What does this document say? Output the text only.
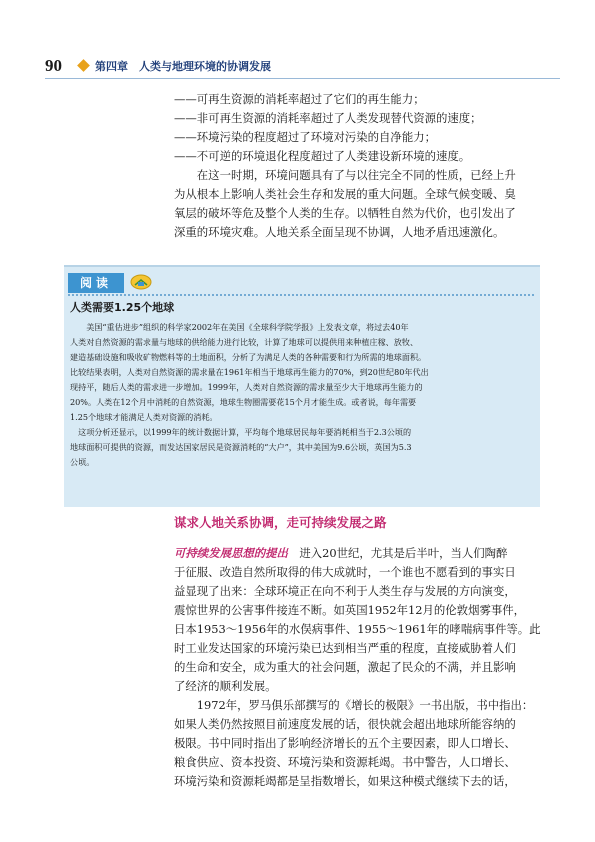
90	第四章　人类与地理环境的协调发展
——可再生资源的消耗率超过了它们的再生能力；
——非可再生资源的消耗率超过了人类发现替代资源的速度；
——环境污染的程度超过了环境对污染的自净能力；
——不可逆的环境退化程度超过了人类建设新环境的速度。
　　在这一时期，环境问题具有了与以往完全不同的性质，已经上升
为从根本上影响人类社会生存和发展的重大问题。全球气候变暖、臭
氧层的破坏等危及整个人类的生存。以牺牲自然为代价，也引发出了
深重的环境灾难。人地关系全面呈现不协调，人地矛盾迅速激化。
阅读
人类需要1.25个地球
　　美国“重估进步”组织的科学家2002年在美国《全球科学院学报》上发表文章，将过去40年
人类对自然资源的需求量与地球的供给能力进行比较，计算了地球可以提供用来种植庄稼、放牧、
建造基础设施和吸收矿物燃料等的土地面积，分析了为满足人类的各种需要和行为所需的地球面积。
比较结果表明，人类对自然资源的需求量在1961年相当于地球再生能力的70%，到20世纪80年代出
现持平，随后人类的需求进一步增加。1999年，人类对自然资源的需求量至少大于地球再生能力的
20%。人类在12个月中消耗的自然资源，地球生物圈需要花15个月才能生成。或者说，每年需要
1.25个地球才能满足人类对资源的消耗。
　这项分析还显示，以1999年的统计数据计算，平均每个地球居民每年要消耗相当于2.3公顷的
地球面积可提供的资源，而发达国家居民是资源消耗的“大户”，其中美国为9.6公顷，英国为5.3
公顷。
谋求人地关系协调，走可持续发展之路
可持续发展思想的提出　进入20世纪，尤其是后半叶，当人们陶醉
于征服、改造自然所取得的伟大成就时，一个谁也不愿看到的事实日
益显现了出来：全球环境正在向不利于人类生存与发展的方向演变，
震惊世界的公害事件接连不断。如英国1952年12月的伦敦烟雾事件，
日本1953～1956年的水俣病事件、1955～1961年的哮喘病事件等。此
时工业发达国家的环境污染已达到相当严重的程度，直接威胁着人们
的生命和安全，成为重大的社会问题，激起了民众的不满，并且影响
了经济的顺利发展。
　　1972年，罗马俱乐部撰写的《增长的极限》一书出版，书中指出：
如果人类仍然按照目前速度发展的话，很快就会超出地球所能容纳的
极限。书中同时指出了影响经济增长的五个主要因素，即人口增长、
粮食供应、资本投资、环境污染和资源耗竭。书中警告，人口增长、
环境污染和资源耗竭都是呈指数增长，如果这种模式继续下去的话，
